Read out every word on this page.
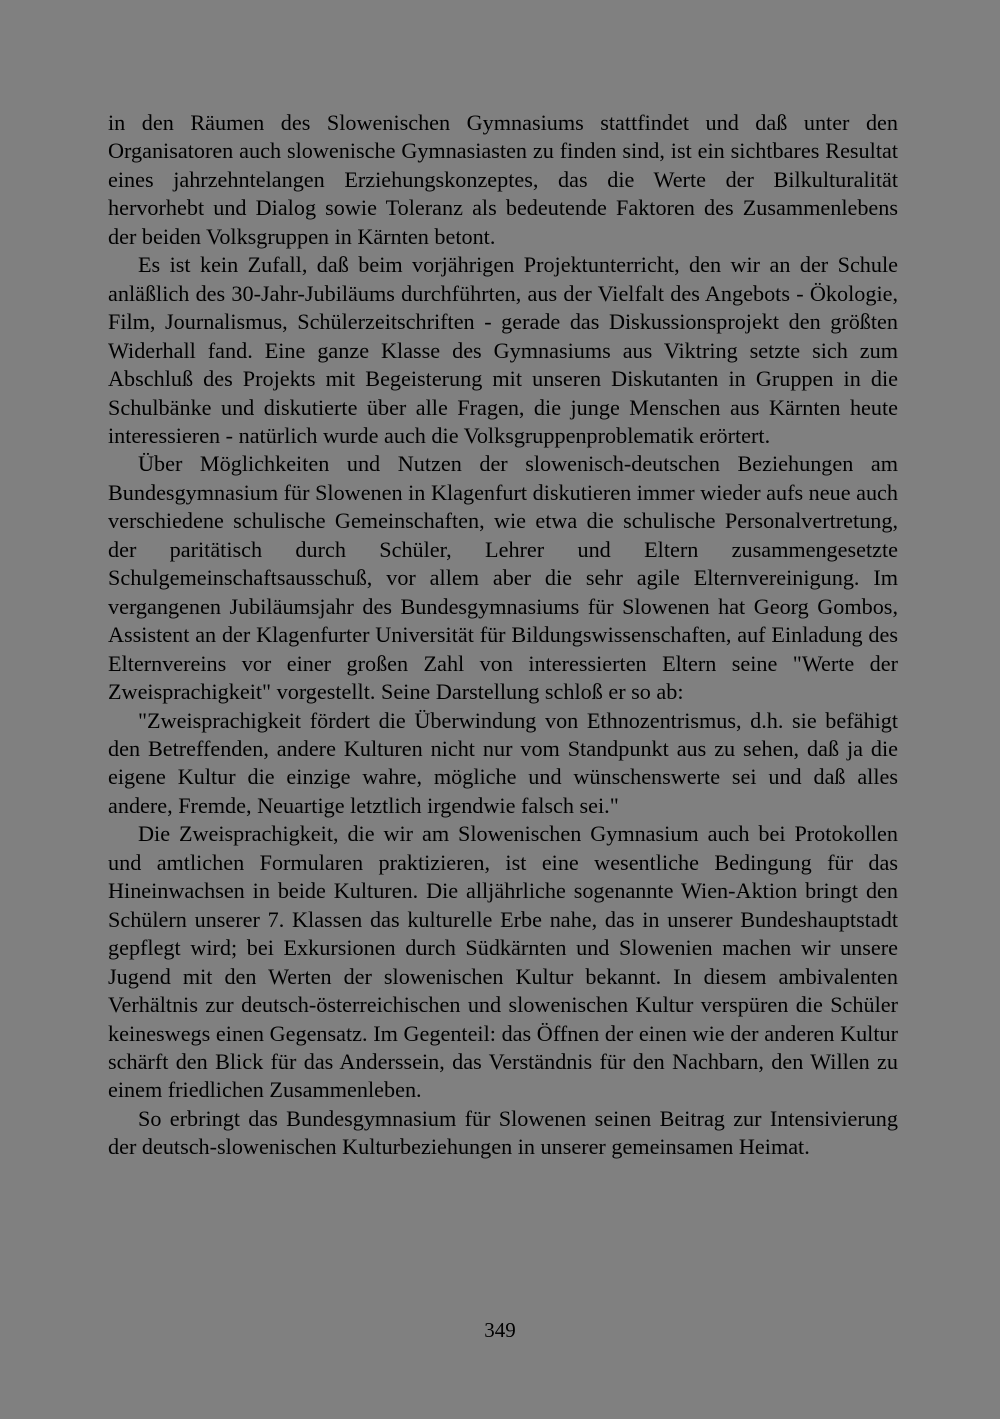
in den Räumen des Slowenischen Gymnasiums stattfindet und daß unter den Organisatoren auch slowenische Gymnasiasten zu finden sind, ist ein sichtbares Resultat eines jahrzehntelangen Erziehungskonzeptes, das die Werte der Bilkulturalität hervorhebt und Dialog sowie Toleranz als bedeutende Faktoren des Zusammenlebens der beiden Volksgruppen in Kärnten betont.

Es ist kein Zufall, daß beim vorjährigen Projektunterricht, den wir an der Schule anläßlich des 30-Jahr-Jubiläums durchführten, aus der Vielfalt des Angebots - Ökologie, Film, Journalismus, Schülerzeitschriften - gerade das Diskussionsprojekt den größten Widerhall fand. Eine ganze Klasse des Gymnasiums aus Viktring setzte sich zum Abschluß des Projekts mit Begeisterung mit unseren Diskutanten in Gruppen in die Schulbänke und diskutierte über alle Fragen, die junge Menschen aus Kärnten heute interessieren - natürlich wurde auch die Volksgruppenproblematik erörtert.

Über Möglichkeiten und Nutzen der slowenisch-deutschen Beziehungen am Bundesgymnasium für Slowenen in Klagenfurt diskutieren immer wieder aufs neue auch verschiedene schulische Gemeinschaften, wie etwa die schulische Personalvertretung, der paritätisch durch Schüler, Lehrer und Eltern zusammengesetzte Schulgemeinschaftsausschuß, vor allem aber die sehr agile Elternvereinigung. Im vergangenen Jubiläumsjahr des Bundesgymnasiums für Slowenen hat Georg Gombos, Assistent an der Klagenfurter Universität für Bildungswissenschaften, auf Einladung des Elternvereins vor einer großen Zahl von interessierten Eltern seine "Werte der Zweisprachigkeit" vorgestellt. Seine Darstellung schloß er so ab:

"Zweisprachigkeit fördert die Überwindung von Ethnozentrismus, d.h. sie befähigt den Betreffenden, andere Kulturen nicht nur vom Standpunkt aus zu sehen, daß ja die eigene Kultur die einzige wahre, mögliche und wünschenswerte sei und daß alles andere, Fremde, Neuartige letztlich irgendwie falsch sei."

Die Zweisprachigkeit, die wir am Slowenischen Gymnasium auch bei Protokollen und amtlichen Formularen praktizieren, ist eine wesentliche Bedingung für das Hineinwachsen in beide Kulturen. Die alljährliche sogenannte Wien-Aktion bringt den Schülern unserer 7. Klassen das kulturelle Erbe nahe, das in unserer Bundeshauptstadt gepflegt wird; bei Exkursionen durch Südkärnten und Slowenien machen wir unsere Jugend mit den Werten der slowenischen Kultur bekannt. In diesem ambivalenten Verhältnis zur deutsch-österreichischen und slowenischen Kultur verspüren die Schüler keineswegs einen Gegensatz. Im Gegenteil: das Öffnen der einen wie der anderen Kultur schärft den Blick für das Anderssein, das Verständnis für den Nachbarn, den Willen zu einem friedlichen Zusammenleben.

So erbringt das Bundesgymnasium für Slowenen seinen Beitrag zur Intensivierung der deutsch-slowenischen Kulturbeziehungen in unserer gemeinsamen Heimat.

349
